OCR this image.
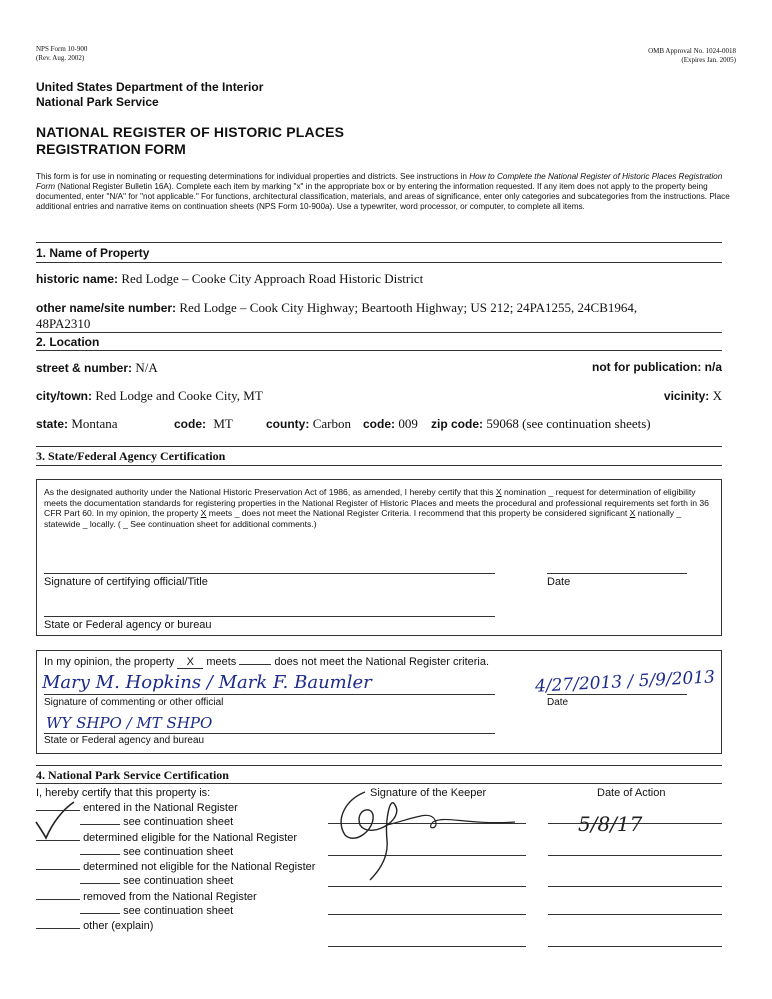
NPS Form 10-900
(Rev. Aug. 2002)
OMB Approval No. 1024-0018
(Expires Jan. 2005)
United States Department of the Interior
National Park Service
NATIONAL REGISTER OF HISTORIC PLACES
REGISTRATION FORM
This form is for use in nominating or requesting determinations for individual properties and districts. See instructions in How to Complete the National Register of Historic Places Registration Form (National Register Bulletin 16A). Complete each item by marking "x" in the appropriate box or by entering the information requested. If any item does not apply to the property being documented, enter "N/A" for "not applicable." For functions, architectural classification, materials, and areas of significance, enter only categories and subcategories from the instructions. Place additional entries and narrative items on continuation sheets (NPS Form 10-900a). Use a typewriter, word processor, or computer, to complete all items.
1. Name of Property
historic name: Red Lodge – Cooke City Approach Road Historic District
other name/site number: Red Lodge – Cook City Highway; Beartooth Highway; US 212; 24PA1255, 24CB1964,
48PA2310
2. Location
street & number: N/A	not for publication: n/a
city/town: Red Lodge and Cooke City, MT	vicinity: X
state: Montana	code: MT	county: Carbon code: 009 zip code: 59068 (see continuation sheets)
3. State/Federal Agency Certification
As the designated authority under the National Historic Preservation Act of 1986, as amended, I hereby certify that this X nomination _ request for determination of eligibility meets the documentation standards for registering properties in the National Register of Historic Places and meets the procedural and professional requirements set forth in 36 CFR Part 60. In my opinion, the property X meets _ does not meet the National Register Criteria. I recommend that this property be considered significant X nationally _ statewide _ locally. ( _ See continuation sheet for additional comments.)
Signature of certifying official/Title	Date
State or Federal agency or bureau
In my opinion, the property X meets	does not meet the National Register criteria.
Mary M. Hopkins / Mark F. Baumler	4/27/2013 / 5/9/2013
Signature of commenting or other official	Date
WY SHPO / MT SHPO
State or Federal agency and bureau
4. National Park Service Certification
I, hereby certify that this property is:	Signature of the Keeper	Date of Action
entered in the National Register
see continuation sheet
determined eligible for the National Register
see continuation sheet
determined not eligible for the National Register
see continuation sheet
removed from the National Register
see continuation sheet
other (explain)
5/8/17
